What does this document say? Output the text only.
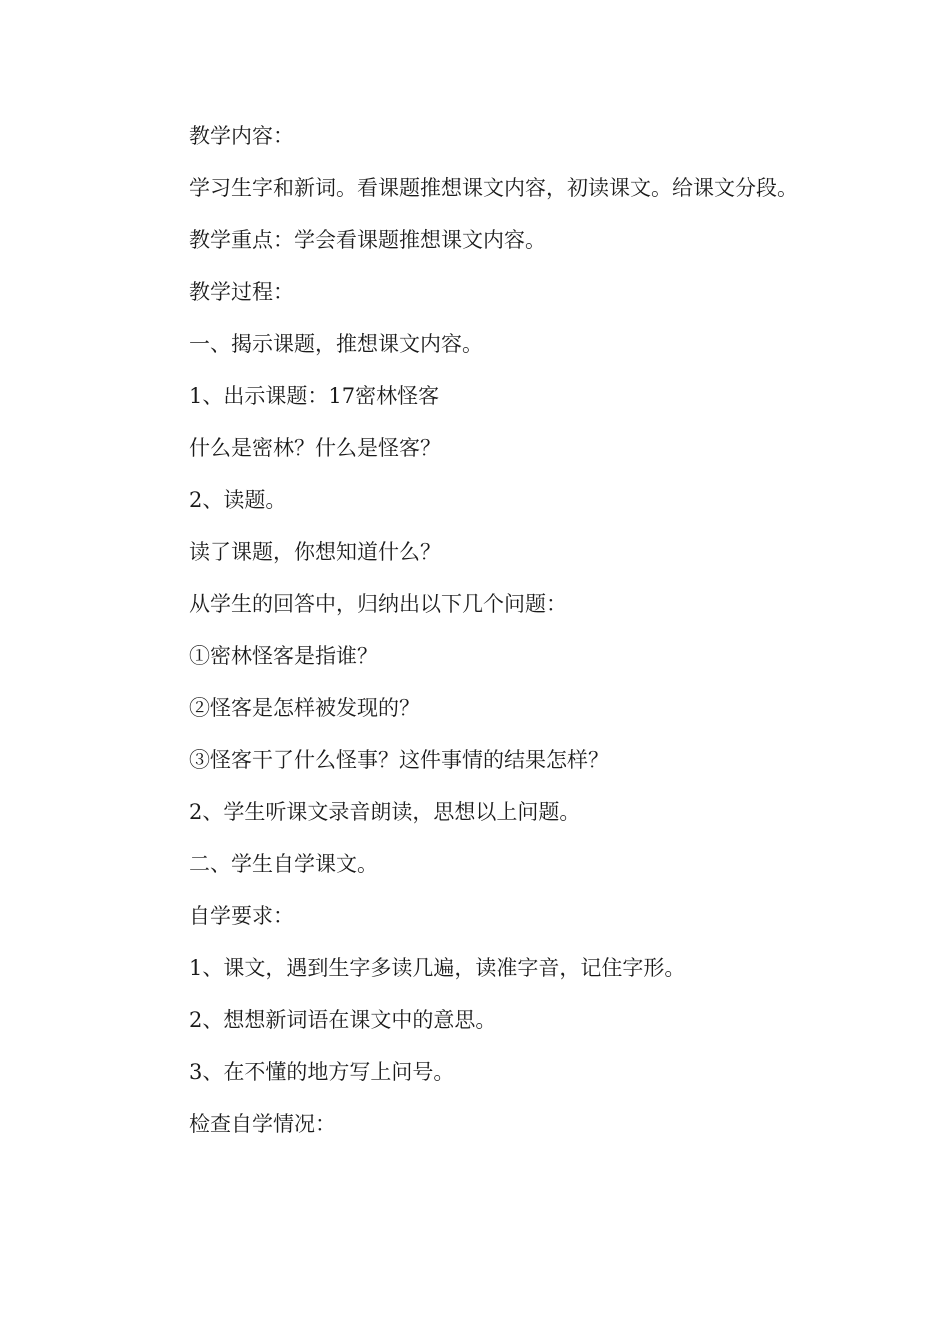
教学内容：

学习生字和新词。看课题推想课文内容，初读课文。给课文分段。

教学重点：学会看课题推想课文内容。

教学过程：

一、揭示课题，推想课文内容。

1、出示课题：17密林怪客

什么是密林？什么是怪客？

2、读题。

读了课题，你想知道什么？

从学生的回答中，归纳出以下几个问题：

①密林怪客是指谁？

②怪客是怎样被发现的？

③怪客干了什么怪事？这件事情的结果怎样？

2、学生听课文录音朗读，思想以上问题。

二、学生自学课文。

自学要求：

1、课文，遇到生字多读几遍，读准字音，记住字形。

2、想想新词语在课文中的意思。

3、在不懂的地方写上问号。

检查自学情况：
